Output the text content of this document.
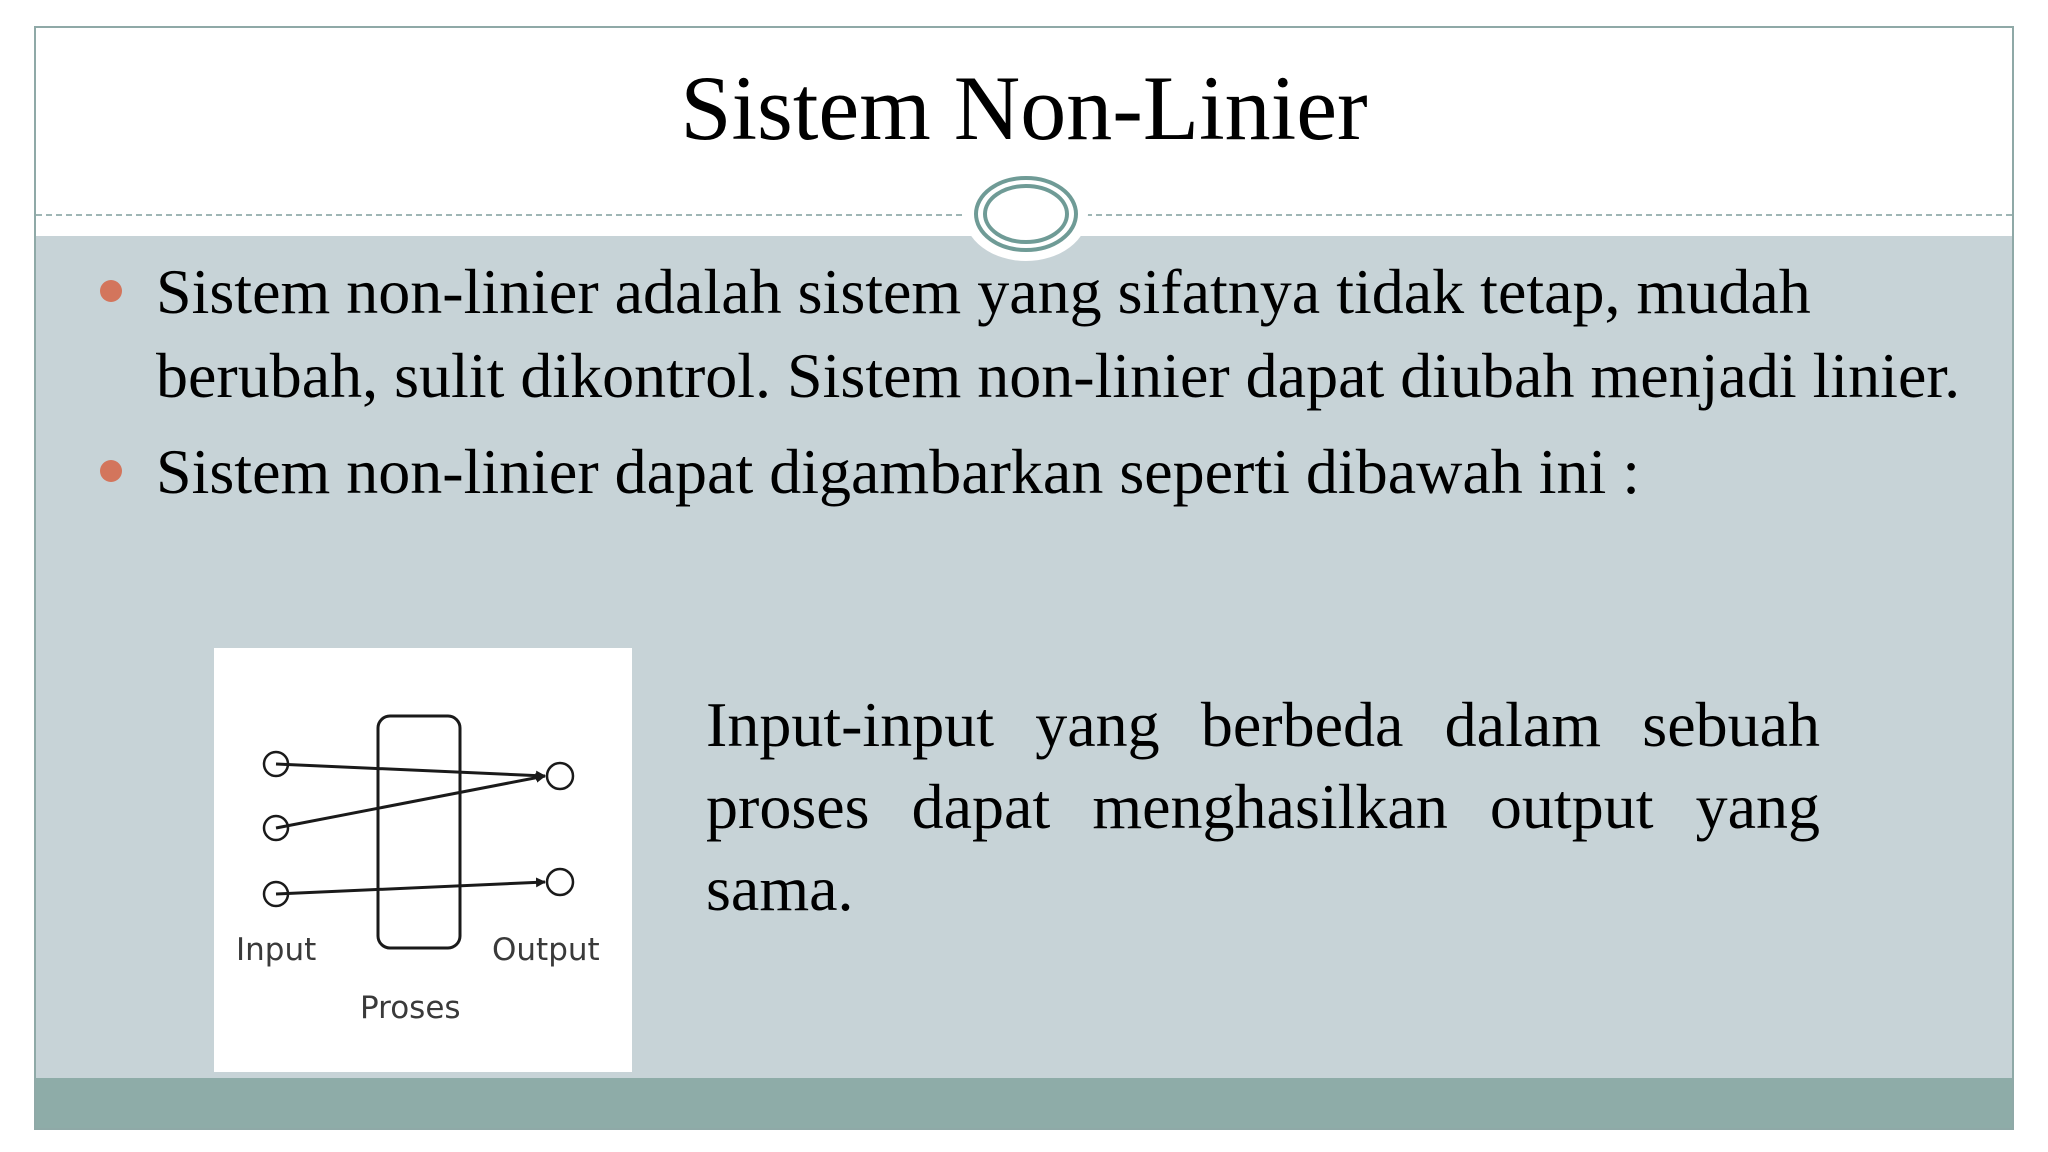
Sistem Non-Linier
Sistem non-linier adalah sistem yang sifatnya tidak tetap, mudah berubah, sulit dikontrol. Sistem non-linier dapat diubah menjadi linier.
Sistem non-linier dapat digambarkan seperti dibawah ini :
Input	Output
Proses
Input-input yang berbeda dalam sebuah proses dapat menghasilkan output yang sama.
